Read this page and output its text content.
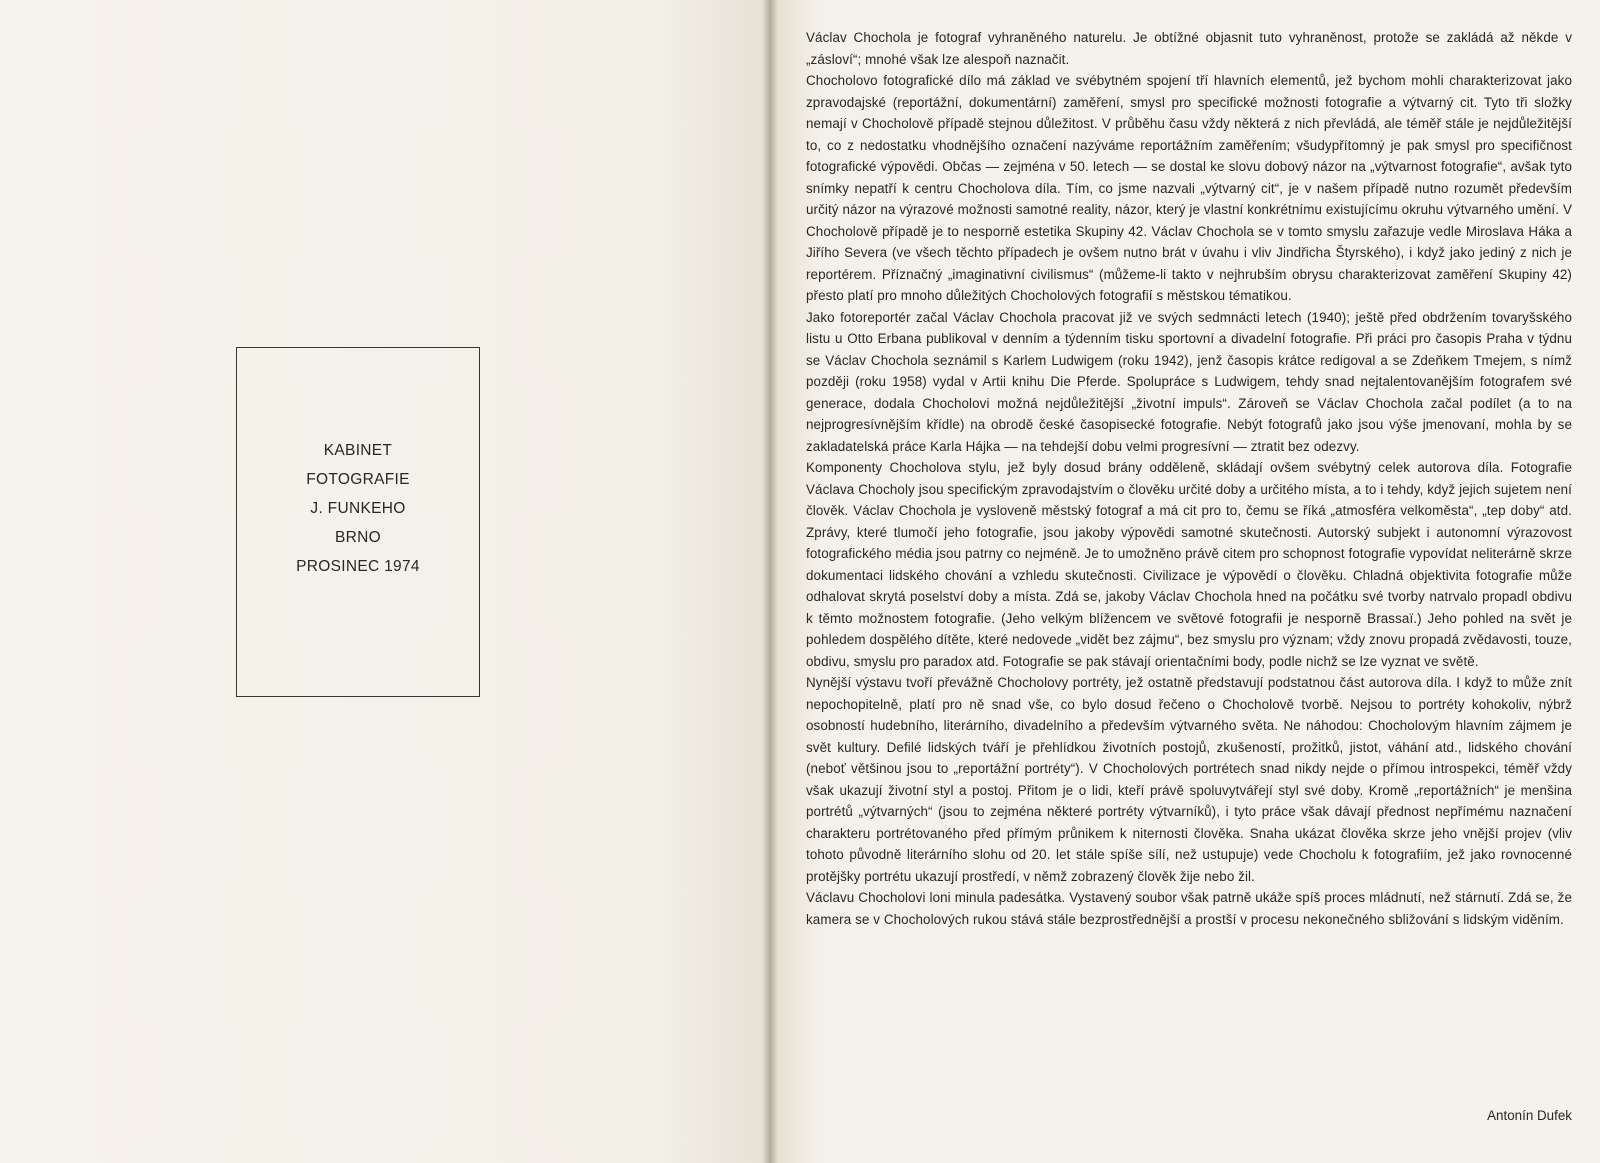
KABINET
FOTOGRAFIE
J. FUNKEHO
BRNO
PROSINEC 1974

Václav Chochola je fotograf vyhraněného naturelu. Je obtížné objasnit tuto vyhraněnost, protože se zakládá až někde v „zásloví“; mnohé však lze alespoň naznačit.

Chocholovo fotografické dílo má základ ve svébytném spojení tří hlavních elementů, jež bychom mohli charakterizovat jako zpravodajské (reportážní, dokumentární) zaměření, smysl pro specifické možnosti fotografie a výtvarný cit. Tyto tři složky nemají v Chocholově případě stejnou důležitost. V průběhu času vždy některá z nich převládá, ale téměř stále je nejdůležitější to, co z nedostatku vhodnějšího označení nazýváme reportážním zaměřením; všudypřítomný je pak smysl pro specifičnost fotografické výpovědi. Občas — zejména v 50. letech — se dostal ke slovu dobový názor na „výtvarnost fotografie“, avšak tyto snímky nepatří k centru Chocholova díla. Tím, co jsme nazvali „výtvarný cit“, je v našem případě nutno rozumět především určitý názor na výrazové možnosti samotné reality, názor, který je vlastní konkrétnímu existujícímu okruhu výtvarného umění. V Chocholově případě je to nesporně estetika Skupiny 42. Václav Chochola se v tomto smyslu zařazuje vedle Miroslava Háka a Jiřího Severa (ve všech těchto případech je ovšem nutno brát v úvahu i vliv Jindřicha Štyrského), i když jako jediný z nich je reportérem. Příznačný „imaginativní civilismus“ (můžeme-li takto v nejhrubším obrysu charakterizovat zaměření Skupiny 42) přesto platí pro mnoho důležitých Chocholových fotografií s městskou tématikou.

Jako fotoreportér začal Václav Chochola pracovat již ve svých sedmnácti letech (1940); ještě před obdržením tovaryšského listu u Otto Erbana publikoval v denním a týdenním tisku sportovní a divadelní fotografie. Při práci pro časopis Praha v týdnu se Václav Chochola seznámil s Karlem Ludwigem (roku 1942), jenž časopis krátce redigoval a se Zdeňkem Tmejem, s nímž později (roku 1958) vydal v Artii knihu Die Pferde. Spolupráce s Ludwigem, tehdy snad nejtalentovanějším fotografem své generace, dodala Chocholovi možná nejdůležitější „životní impuls“. Zároveň se Václav Chochola začal podílet (a to na nejprogresívnějším křídle) na obrodě české časopisecké fotografie. Nebýt fotografů jako jsou výše jmenovaní, mohla by se zakladatelská práce Karla Hájka — na tehdejší dobu velmi progresívní — ztratit bez odezvy.

Komponenty Chocholova stylu, jež byly dosud brány odděleně, skládají ovšem svébytný celek autorova díla. Fotografie Václava Chocholy jsou specifickým zpravodajstvím o člověku určité doby a určitého místa, a to i tehdy, když jejich sujetem není člověk. Václav Chochola je vysloveně městský fotograf a má cit pro to, čemu se říká „atmosféra velkoměsta“, „tep doby“ atd. Zprávy, které tlumočí jeho fotografie, jsou jakoby výpovědi samotné skutečnosti. Autorský subjekt i autonomní výrazovost fotografického média jsou patrny co nejméně. Je to umožněno právě citem pro schopnost fotografie vypovídat neliterárně skrze dokumentaci lidského chování a vzhledu skutečnosti. Civilizace je výpovědí o člověku. Chladná objektivita fotografie může odhalovat skrytá poselství doby a místa. Zdá se, jakoby Václav Chochola hned na počátku své tvorby natrvalo propadl obdivu k těmto možnostem fotografie. (Jeho velkým blížencem ve světové fotografii je nesporně Brassaï.) Jeho pohled na svět je pohledem dospělého dítěte, které nedovede „vidět bez zájmu“, bez smyslu pro význam; vždy znovu propadá zvědavosti, touze, obdivu, smyslu pro paradox atd. Fotografie se pak stávají orientačními body, podle nichž se lze vyznat ve světě.

Nynější výstavu tvoří převážně Chocholovy portréty, jež ostatně představují podstatnou část autorova díla. I když to může znít nepochopitelně, platí pro ně snad vše, co bylo dosud řečeno o Chocholově tvorbě. Nejsou to portréty kohokoliv, nýbrž osobností hudebního, literárního, divadelního a především výtvarného světa. Ne náhodou: Chocholovým hlavním zájmem je svět kultury. Defilé lidských tváří je přehlídkou životních postojů, zkušeností, prožitků, jistot, váhání atd., lidského chování (neboť většinou jsou to „reportážní portréty“). V Chocholových portrétech snad nikdy nejde o přímou introspekci, téměř vždy však ukazují životní styl a postoj. Přitom je o lidi, kteří právě spoluvytvářejí styl své doby. Kromě „reportážních“ je menšina portrétů „výtvarných“ (jsou to zejména některé portréty výtvarníků), i tyto práce však dávají přednost nepřímému naznačení charakteru portrétovaného před přímým průnikem k niternosti člověka. Snaha ukázat člověka skrze jeho vnější projev (vliv tohoto původně literárního slohu od 20. let stále spíše sílí, než ustupuje) vede Chocholu k fotografiím, jež jako rovnocenné protějšky portrétu ukazují prostředí, v němž zobrazený člověk žije nebo žil.

Václavu Chocholovi loni minula padesátka. Vystavený soubor však patrně ukáže spíš proces mládnutí, než stárnutí. Zdá se, že kamera se v Chocholových rukou stává stále bezprostřednější a prostší v procesu nekonečného sbližování s lidským viděním.

Antonín Dufek
